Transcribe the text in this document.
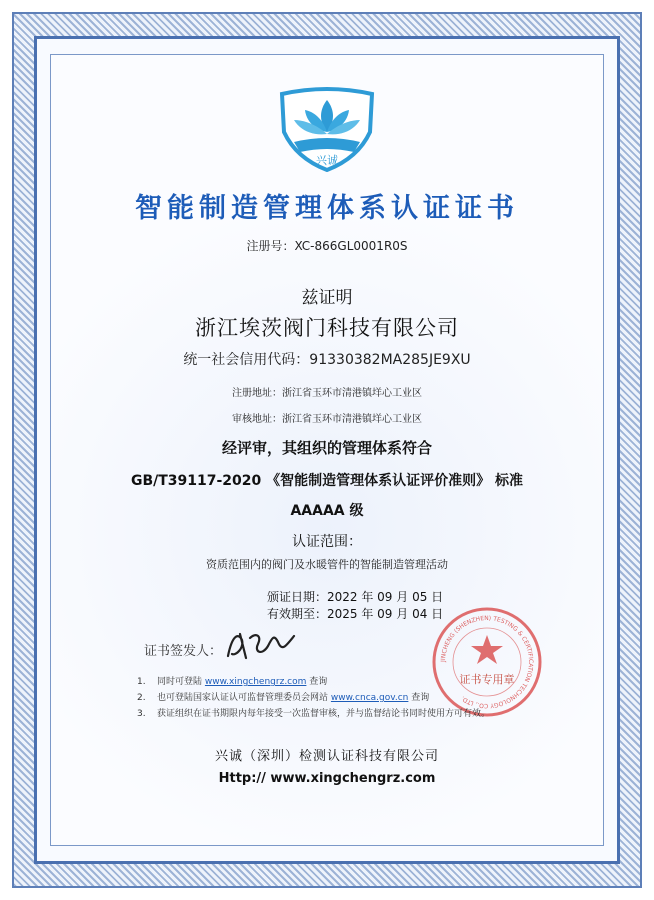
兴诚
智能制造管理体系认证证书
注册号：XC-866GL0001R0S
兹证明
浙江埃茨阀门科技有限公司
统一社会信用代码：91330382MA285JE9XU
注册地址：浙江省玉环市清港镇垟心工业区
审核地址：浙江省玉环市清港镇垟心工业区
经评审，其组织的管理体系符合
GB/T39117-2020 《智能制造管理体系认证评价准则》 标准
AAAAA 级
认证范围：
资质范围内的阀门及水暖管件的智能制造管理活动
颁证日期：2022 年 09 月 05 日
有效期至：2025 年 09 月 04 日
证书签发人：
JINCHENG (SHENZHEN) TESTING & CERTIFICATION TECHNOLOGY CO., LTD.
证书专用章
1. 同时可登陆 www.xingchengrz.com 查询
2. 也可登陆国家认证认可监督管理委员会网站 www.cnca.gov.cn 查询
3. 获证组织在证书期限内每年接受一次监督审核，并与监督结论书同时使用方可有效。
兴诚（深圳）检测认证科技有限公司
Http:// www.xingchengrz.com
